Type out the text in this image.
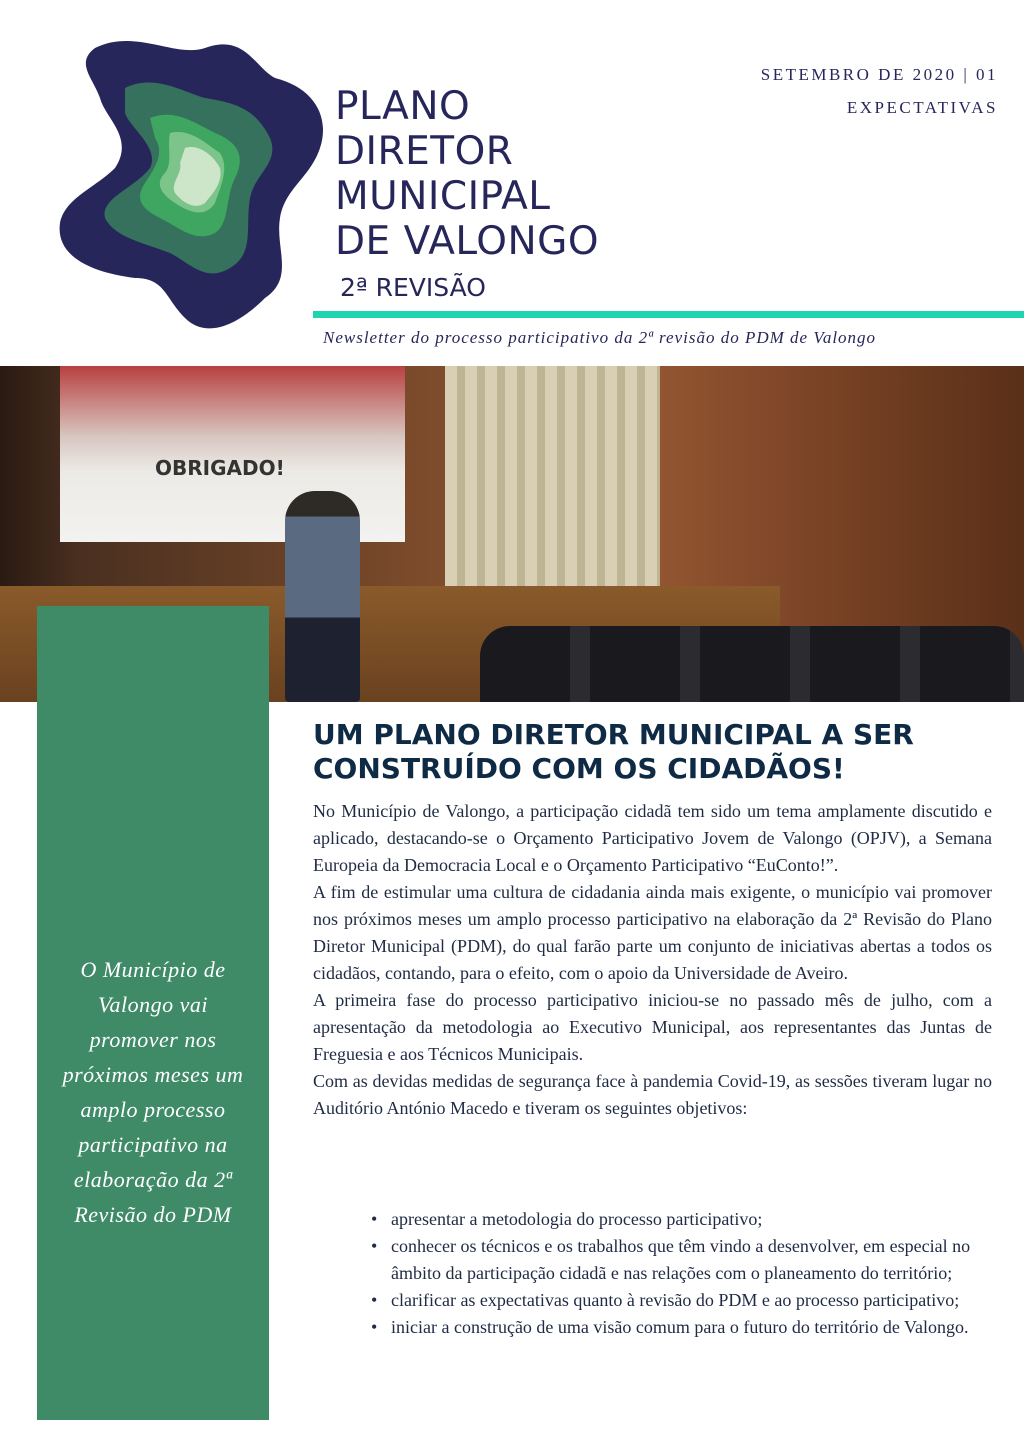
PLANO
DIRETOR
MUNICIPAL
DE VALONGO
2ª REVISÃO
SETEMBRO DE 2020 | 01
EXPECTATIVAS
Newsletter do processo participativo da 2ª revisão do PDM de Valongo
OBRIGADO!
O Município de Valongo vai promover nos próximos meses um amplo processo participativo na elaboração da 2ª Revisão do PDM
UM PLANO DIRETOR MUNICIPAL A SER CONSTRUÍDO COM OS CIDADÃOS!

No Município de Valongo, a participação cidadã tem sido um tema amplamente discutido e aplicado, destacando-se o Orçamento Participativo Jovem de Valongo (OPJV), a Semana Europeia da Democracia Local e o Orçamento Participativo “EuConto!”.

A fim de estimular uma cultura de cidadania ainda mais exigente, o município vai promover nos próximos meses um amplo processo participativo na elaboração da 2ª Revisão do Plano Diretor Municipal (PDM), do qual farão parte um conjunto de iniciativas abertas a todos os cidadãos, contando, para o efeito, com o apoio da Universidade de Aveiro.

A primeira fase do processo participativo iniciou-se no passado mês de julho, com a apresentação da metodologia ao Executivo Municipal, aos representantes das Juntas de Freguesia e aos Técnicos Municipais.

Com as devidas medidas de segurança face à pandemia Covid-19, as sessões tiveram lugar no Auditório António Macedo e tiveram os seguintes objetivos:

• apresentar a metodologia do processo participativo;
• conhecer os técnicos e os trabalhos que têm vindo a desenvolver, em especial no âmbito da participação cidadã e nas relações com o planeamento do território;
• clarificar as expectativas quanto à revisão do PDM e ao processo participativo;
• iniciar a construção de uma visão comum para o futuro do território de Valongo.
